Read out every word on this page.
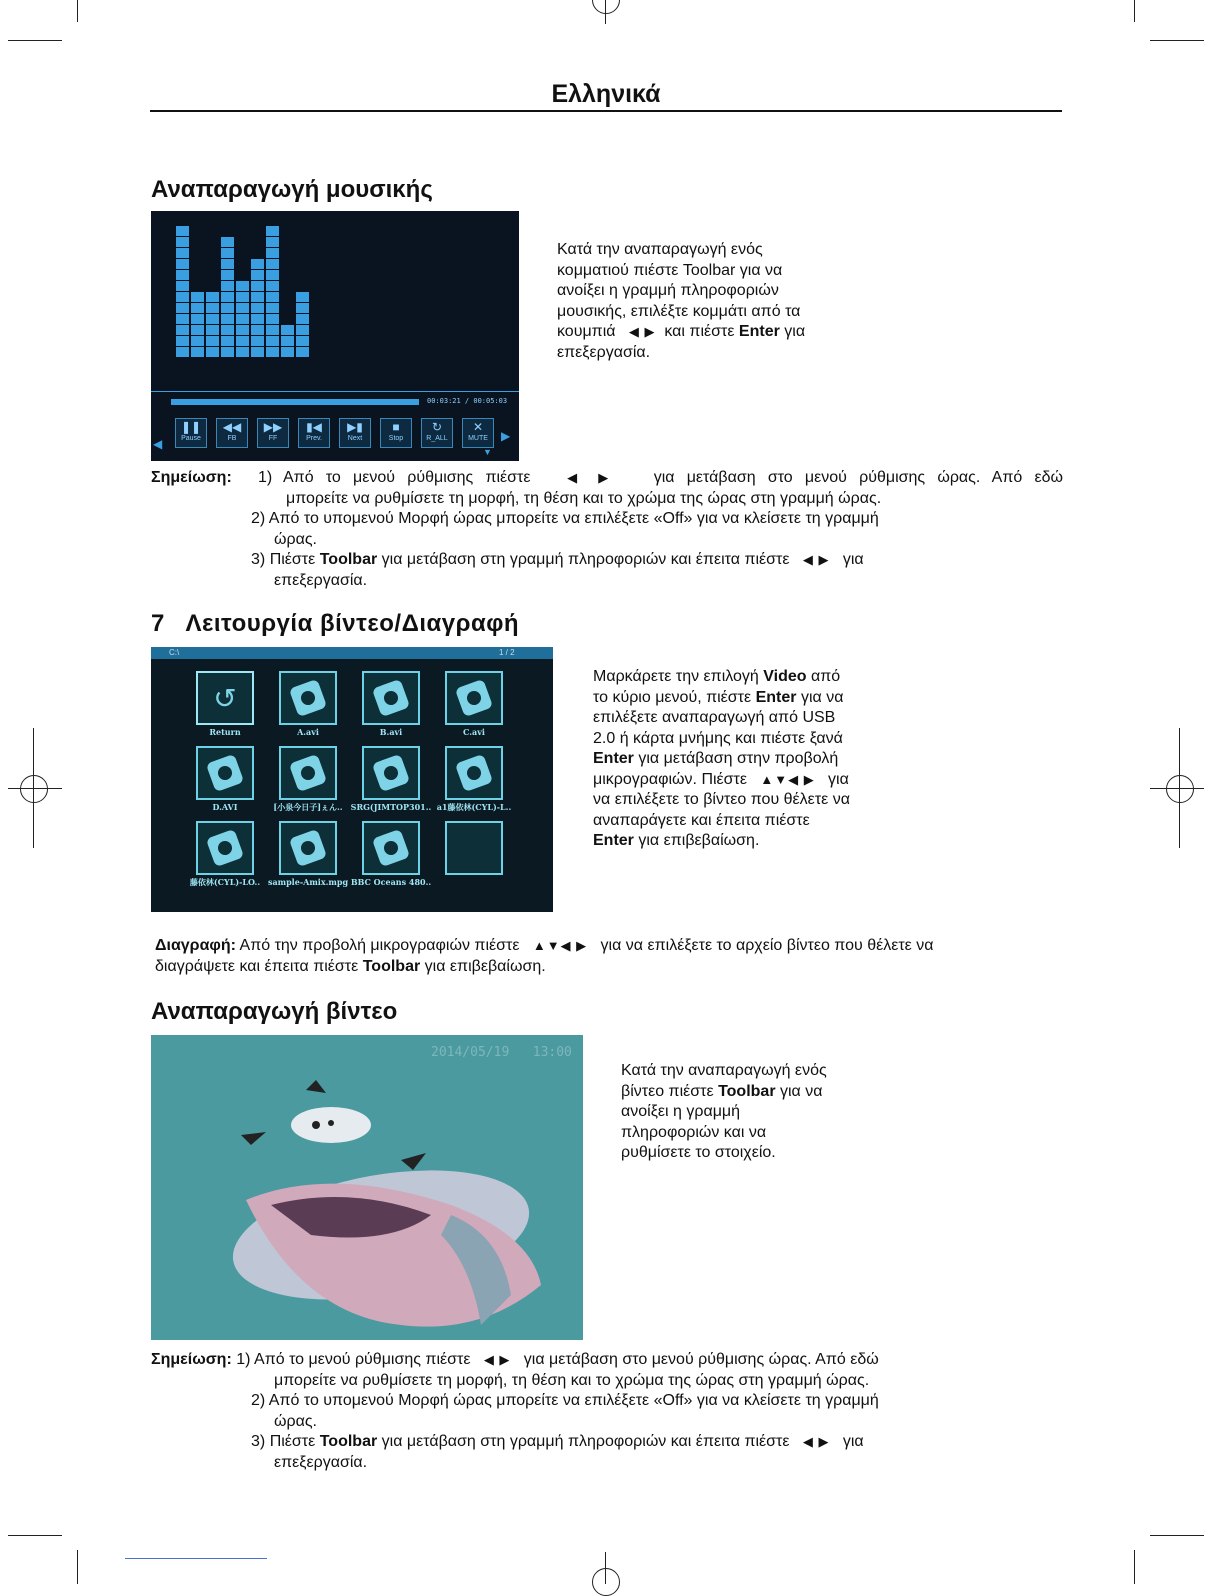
Ελληνικά
Αναπαραγωγή μουσικής
00:03:21 / 00:05:03
❚❚
Pause
◀◀
FB
▶▶
FF
▮◀
Prev.
▶▮
Next
■
Stop
↻
R_ALL
✕
MUTE
◀
▶
▼
Κατά την αναπαραγωγή ενός
κομματιού πιέστε Toolbar για να
ανοίξει η γραμμή πληροφοριών
μουσικής, επιλέξτε κομμάτι από τα
κουμπιά ◀ ▶ και πιέστε Enter για
επεξεργασία.
Σημείωση: 1) Από το μενού ρύθμισης πιέστε	◀ ▶ για μετάβαση στο μενού ρύθμισης ώρας. Από εδώ
μπορείτε να ρυθμίσετε τη μορφή, τη θέση και το χρώμα της ώρας στη γραμμή ώρας.
2) Από το υπομενού Μορφή ώρας μπορείτε να επιλέξετε «Off» για να κλείσετε τη γραμμή
ώρας.
3) Πιέστε Toolbar για μετάβαση στη γραμμή πληροφοριών και έπειτα πιέστε ◀ ▶ για
επεξεργασία.
7   Λειτουργία βίντεο/Διαγραφή
C:\	1 / 2
↺
Return	A.avi	B.avi	C.avi
D.AVI	[小泉今日子]ぇん..	SRG(JIMTOP301.. a1藤依林(CYL)-L..
藤依林(CYL)-LO.. sample-Amix.mpg BBC Oceans 480..
Μαρκάρετε την επιλογή Video από
το κύριο μενού, πιέστε Enter για να
επιλέξετε αναπαραγωγή από USB
2.0 ή κάρτα μνήμης και πιέστε ξανά
Enter για μετάβαση στην προβολή
μικρογραφιών. Πιέστε ▲▼◀ ▶ για
να επιλέξετε το βίντεο που θέλετε να
αναπαράγετε και έπειτα πιέστε
Enter για επιβεβαίωση.
Διαγραφή: Από την προβολή μικρογραφιών πιέστε ▲▼◀ ▶ για να επιλέξετε το αρχείο βίντεο που θέλετε να
διαγράψετε και έπειτα πιέστε Toolbar για επιβεβαίωση.
Αναπαραγωγή βίντεο
2014/05/19   13:00
Κατά την αναπαραγωγή ενός
βίντεο πιέστε Toolbar για να
ανοίξει η γραμμή
πληροφοριών και να
ρυθμίσετε το στοιχείο.
Σημείωση: 1) Από το μενού ρύθμισης πιέστε ◀ ▶ για μετάβαση στο μενού ρύθμισης ώρας. Από εδώ
μπορείτε να ρυθμίσετε τη μορφή, τη θέση και το χρώμα της ώρας στη γραμμή ώρας.
2) Από το υπομενού Μορφή ώρας μπορείτε να επιλέξετε «Off» για να κλείσετε τη γραμμή
ώρας.
3) Πιέστε Toolbar για μετάβαση στη γραμμή πληροφοριών και έπειτα πιέστε ◀ ▶ για
επεξεργασία.
